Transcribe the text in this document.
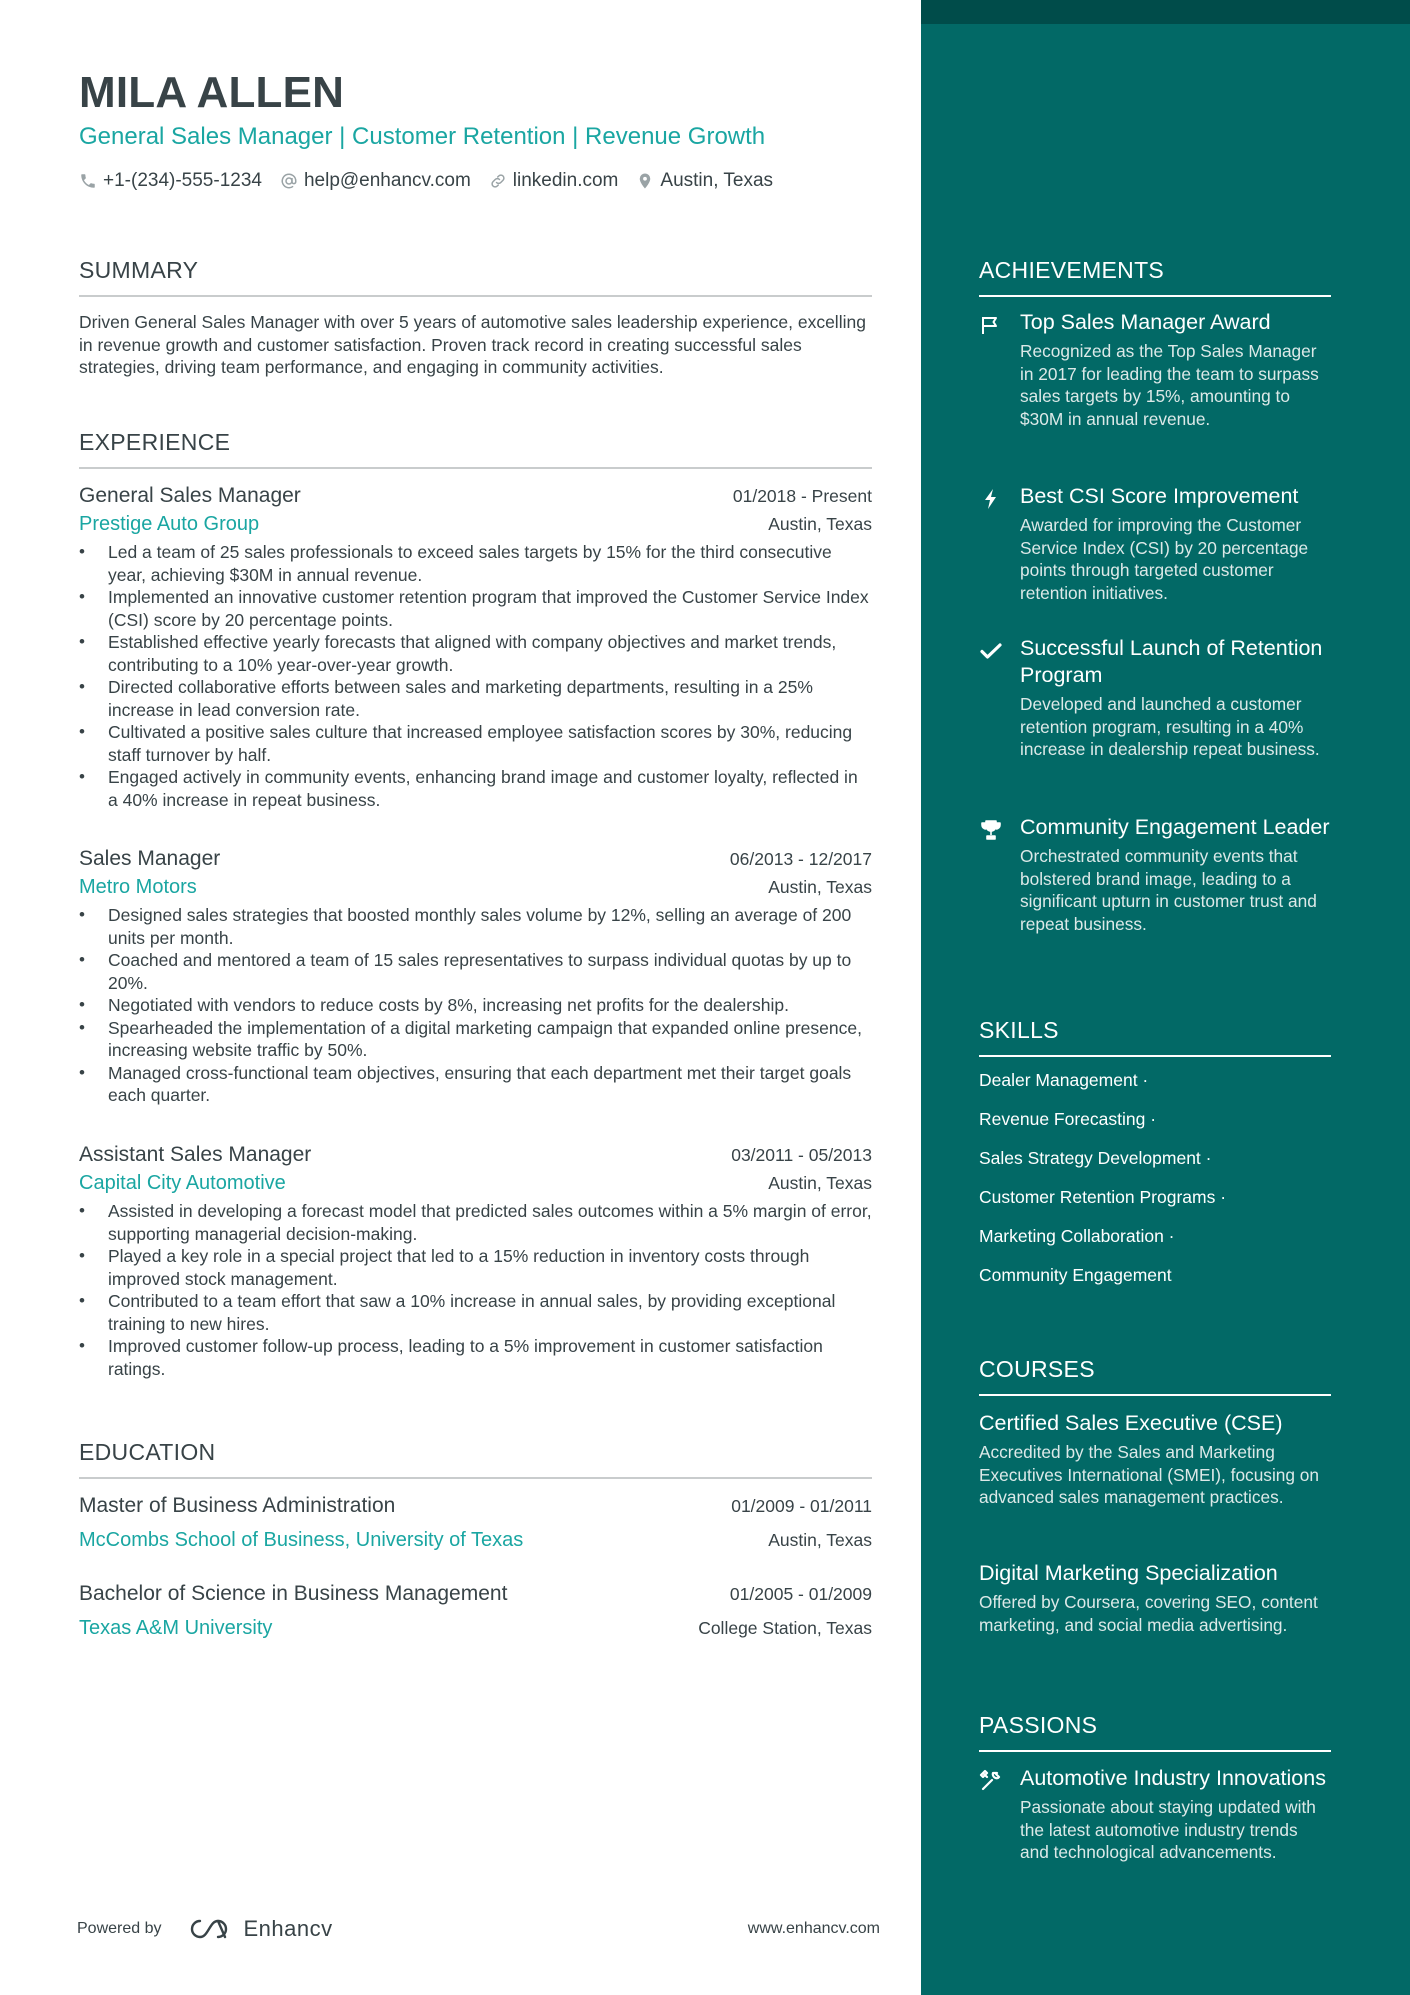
MILA ALLEN
General Sales Manager | Customer Retention | Revenue Growth
+1-(234)-555-1234 help@enhancv.com linkedin.com Austin, Texas
SUMMARY
Driven General Sales Manager with over 5 years of automotive sales leadership experience, excelling in revenue growth and customer satisfaction. Proven track record in creating successful sales strategies, driving team performance, and engaging in community activities.
EXPERIENCE
General Sales Manager	01/2018 - Present
Prestige Auto Group	Austin, Texas
• Led a team of 25 sales professionals to exceed sales targets by 15% for the third consecutive year, achieving $30M in annual revenue.
• Implemented an innovative customer retention program that improved the Customer Service Index (CSI) score by 20 percentage points.
• Established effective yearly forecasts that aligned with company objectives and market trends, contributing to a 10% year-over-year growth.
• Directed collaborative efforts between sales and marketing departments, resulting in a 25% increase in lead conversion rate.
• Cultivated a positive sales culture that increased employee satisfaction scores by 30%, reducing staff turnover by half.
• Engaged actively in community events, enhancing brand image and customer loyalty, reflected in a 40% increase in repeat business.
Sales Manager	06/2013 - 12/2017
Metro Motors	Austin, Texas
• Designed sales strategies that boosted monthly sales volume by 12%, selling an average of 200 units per month.
• Coached and mentored a team of 15 sales representatives to surpass individual quotas by up to 20%.
• Negotiated with vendors to reduce costs by 8%, increasing net profits for the dealership.
• Spearheaded the implementation of a digital marketing campaign that expanded online presence, increasing website traffic by 50%.
• Managed cross-functional team objectives, ensuring that each department met their target goals each quarter.
Assistant Sales Manager	03/2011 - 05/2013
Capital City Automotive	Austin, Texas
• Assisted in developing a forecast model that predicted sales outcomes within a 5% margin of error, supporting managerial decision-making.
• Played a key role in a special project that led to a 15% reduction in inventory costs through improved stock management.
• Contributed to a team effort that saw a 10% increase in annual sales, by providing exceptional training to new hires.
• Improved customer follow-up process, leading to a 5% improvement in customer satisfaction ratings.
EDUCATION
Master of Business Administration	01/2009 - 01/2011
McCombs School of Business, University of Texas	Austin, Texas
Bachelor of Science in Business Management	01/2005 - 01/2009
Texas A&M University	College Station, Texas
Powered by	Enhancv	www.enhancv.com
ACHIEVEMENTS
Top Sales Manager Award
Recognized as the Top Sales Manager in 2017 for leading the team to surpass sales targets by 15%, amounting to $30M in annual revenue.
Best CSI Score Improvement
Awarded for improving the Customer Service Index (CSI) by 20 percentage points through targeted customer retention initiatives.
Successful Launch of Retention Program
Developed and launched a customer retention program, resulting in a 40% increase in dealership repeat business.
Community Engagement Leader
Orchestrated community events that bolstered brand image, leading to a significant upturn in customer trust and repeat business.
SKILLS
Dealer Management ·
Revenue Forecasting ·
Sales Strategy Development ·
Customer Retention Programs ·
Marketing Collaboration ·
Community Engagement
COURSES
Certified Sales Executive (CSE)
Accredited by the Sales and Marketing Executives International (SMEI), focusing on advanced sales management practices.
Digital Marketing Specialization
Offered by Coursera, covering SEO, content marketing, and social media advertising.
PASSIONS
Automotive Industry Innovations
Passionate about staying updated with the latest automotive industry trends and technological advancements.
